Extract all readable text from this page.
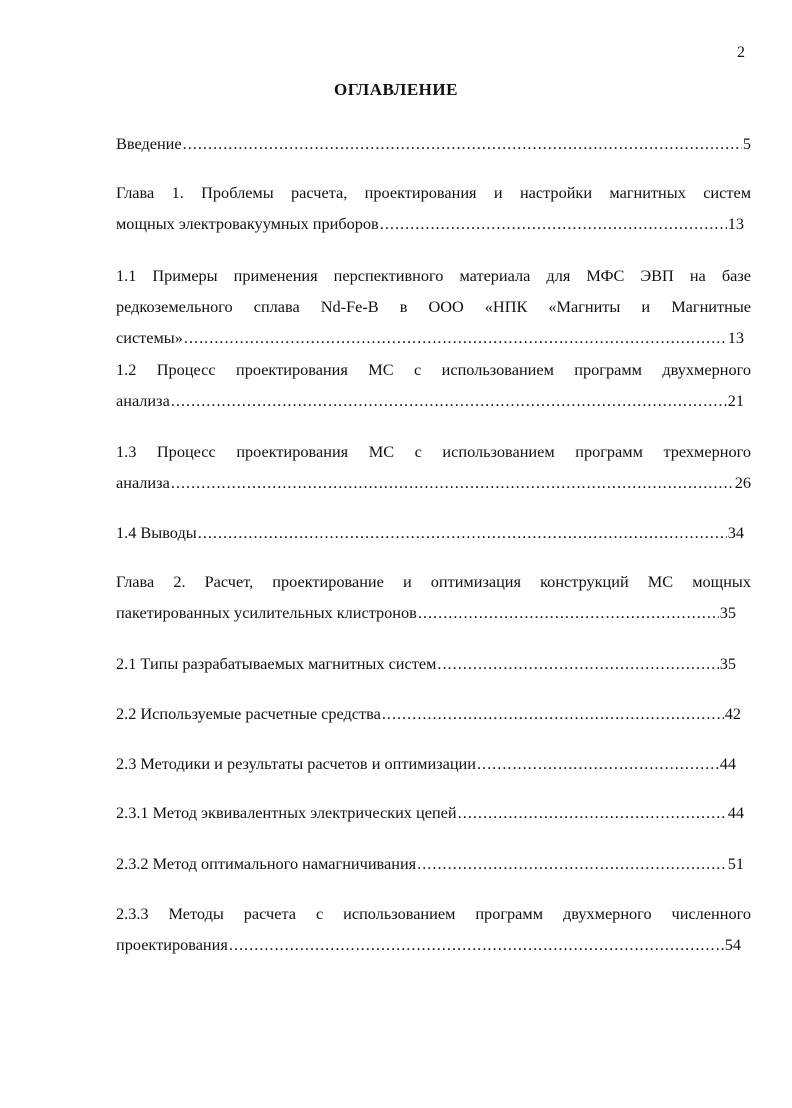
2
ОГЛАВЛЕНИЕ
Введение .....	5
Глава 1. Проблемы расчета, проектирования и настройки магнитных систем
мощных электровакуумных приборов .....	13
1.1 Примеры применения перспективного материала для МФС ЭВП на базе
редкоземельного сплава Nd-Fe-B в ООО «НПК «Магниты и Магнитные
системы» .....	13
1.2 Процесс проектирования МС с использованием программ двухмерного
анализа .....	21
1.3 Процесс проектирования МС с использованием программ трехмерного
анализа .....	26
1.4 Выводы .....	34
Глава 2. Расчет, проектирование и оптимизация конструкций МС мощных
пакетированных усилительных клистронов .....	35
2.1 Типы разрабатываемых магнитных систем .....	35
2.2 Используемые расчетные средства .....	42
2.3 Методики и результаты расчетов и оптимизации .....	44
2.3.1 Метод эквивалентных электрических цепей .....	44
2.3.2 Метод оптимального намагничивания .....	51
2.3.3 Методы расчета с использованием программ двухмерного численного
проектирования .....	54
